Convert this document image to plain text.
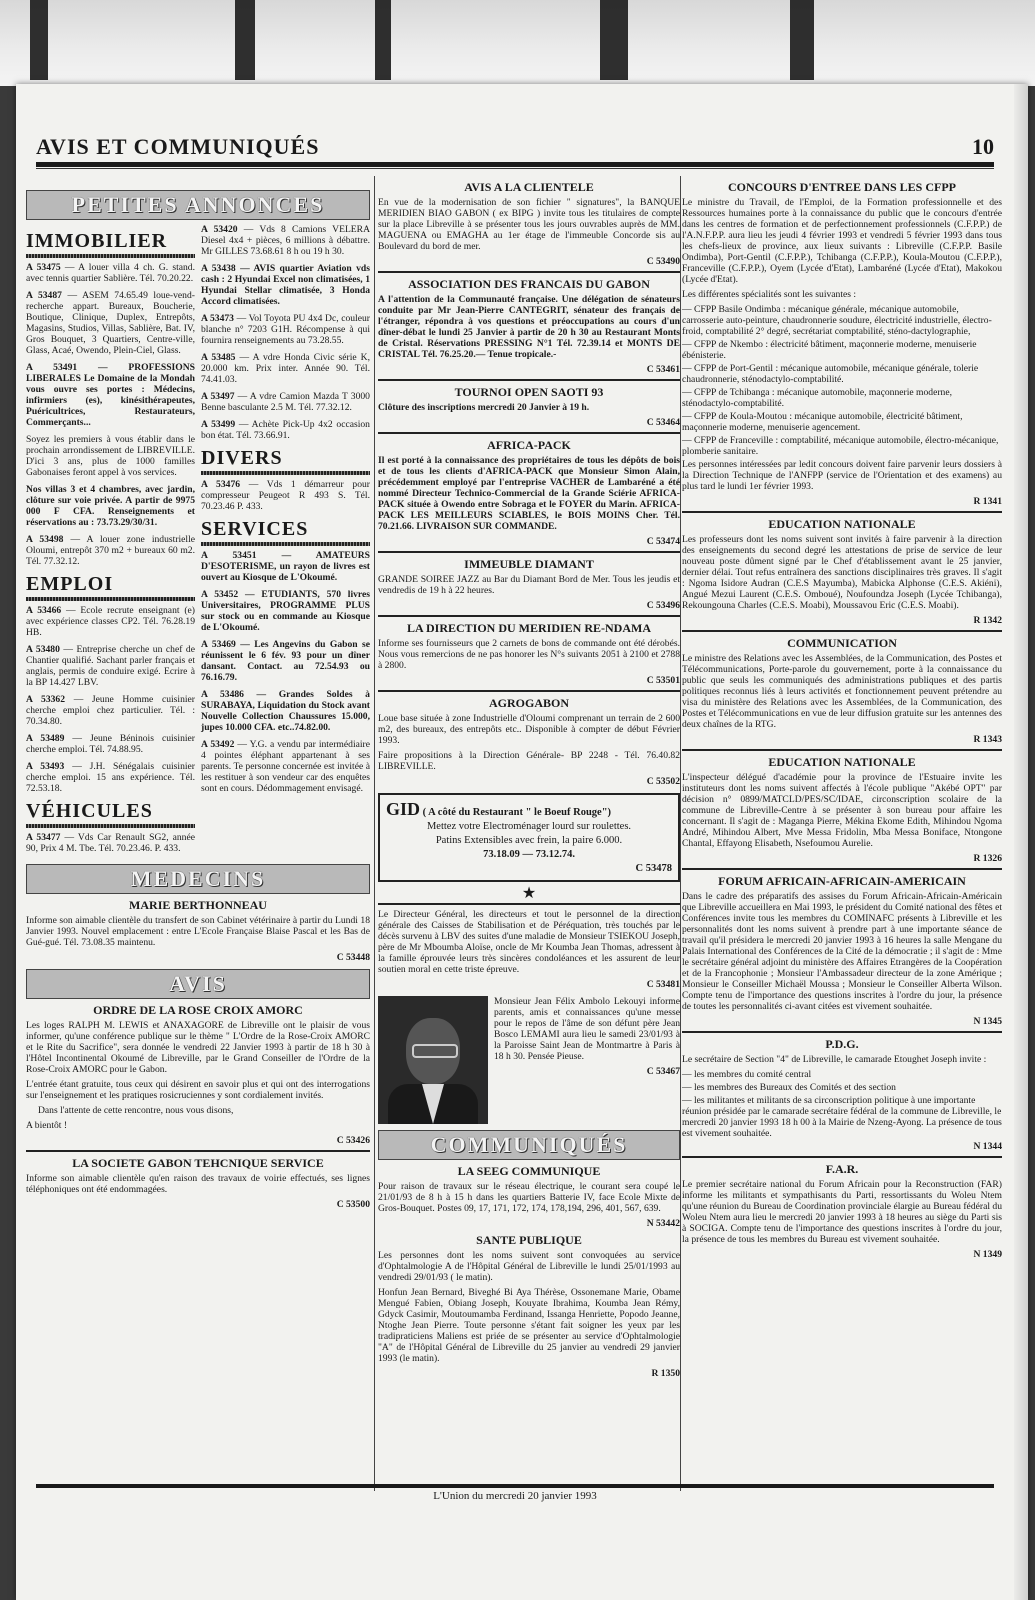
AVIS ET COMMUNIQUÉS	10
PETITES ANNONCES
IMMOBILIER
A 53475 — A louer villa 4 ch. G. stand. avec tennis quartier Sablière. Tél. 70.20.22.
A 53487 — ASEM 74.65.49 loue-vend-recherche appart. Bureaux, Boucherie, Boutique, Clinique, Duplex, Entrepôts, Magasins, Studios, Villas, Sablière, Bat. IV, Gros Bouquet, 3 Quartiers, Centre-ville, Glass, Acaé, Owendo, Plein-Ciel, Glass.
A 53491 — PROFESSIONS LIBERALES Le Domaine de la Mondah vous ouvre ses portes : Médecins, infirmiers (es), kinésithérapeutes, Puéricultrices, Restaurateurs, Commerçants...
Soyez les premiers à vous établir dans le prochain arrondissement de LIBREVILLE. D'ici 3 ans, plus de 1000 familles Gabonaises feront appel à vos services.
Nos villas 3 et 4 chambres, avec jardin, clôture sur voie privée. A partir de 9975 000 F CFA. Renseignements et réservations au : 73.73.29/30/31.
A 53498 — A louer zone industrielle Oloumi, entrepôt 370 m2 + bureaux 60 m2. Tél. 77.32.12.
EMPLOI
A 53466 — Ecole recrute enseignant (e) avec expérience classes CP2. Tél. 76.28.19 HB.
A 53480 — Entreprise cherche un chef de Chantier qualifié. Sachant parler français et anglais, permis de conduire exigé. Ecrire à la BP 14.427 LBV.
A 53362 — Jeune Homme cuisinier cherche emploi chez particulier. Tél. : 70.34.80.
A 53489 — Jeune Béninois cuisinier cherche emploi. Tél. 74.88.95.
A 53493 — J.H. Sénégalais cuisinier cherche emploi. 15 ans expérience. Tél. 72.53.18.
VÉHICULES
A 53477 — Vds Car Renault SG2, année 90, Prix 4 M. Tbe. Tél. 70.23.46. P. 433.
A 53420 — Vds 8 Camions VELERA Diesel 4x4 + pièces, 6 millions à débattre. Mr GILLES 73.68.61 8 h ou 19 h 30.
A 53438 — AVIS quartier Aviation vds cash : 2 Hyundai Excel non climatisées, 1 Hyundai Stellar climatisée, 3 Honda Accord climatisées.
A 53473 — Vol Toyota PU 4x4 Dc, couleur blanche n° 7203 G1H. Récompense à qui fournira renseignements au 73.28.55.
A 53485 — A vdre Honda Civic série K, 20.000 km. Prix inter. Année 90. Tél. 74.41.03.
A 53497 — A vdre Camion Mazda T 3000 Benne basculante 2.5 M. Tél. 77.32.12.
A 53499 — Achète Pick-Up 4x2 occasion bon état. Tél. 73.66.91.
DIVERS
A 53476 — Vds 1 démarreur pour compresseur Peugeot R 493 S. Tél. 70.23.46 P. 433.
SERVICES
A 53451	— AMATEURS D'ESOTERISME, un rayon de livres est ouvert au Kiosque de L'Okoumé.
A 53452 — ETUDIANTS, 570 livres Universitaires, PROGRAMME PLUS sur stock ou en commande au Kiosque de L'Okoumé.
A 53469 — Les Angevins du Gabon se réunissent le 6 fév. 93 pour un dîner dansant. Contact. au 72.54.93 ou 76.16.79.
A 53486 — Grandes Soldes à SURABAYA, Liquidation du Stock avant Nouvelle Collection Chaussures 15.000, jupes 10.000 CFA. etc..74.82.00.
A 53492 — Y.G. a vendu par intermédiaire 4 pointes éléphant appartenant à ses parents. Te personne concernée est invitée à les restituer à son vendeur car des enquêtes sont en cours. Dédommagement envisagé.
MEDECINS
MARIE BERTHONNEAU
Informe son aimable clientèle du transfert de son Cabinet vétérinaire à partir du Lundi 18 Janvier 1993. Nouvel emplacement : entre L'Ecole Française Blaise Pascal et les Bas de Gué-gué. Tél. 73.08.35 maintenu.
C 53448
AVIS
ORDRE DE LA ROSE CROIX AMORC
Les loges RALPH M. LEWIS et ANAXAGORE de Libreville ont le plaisir de vous informer, qu'une conférence publique sur le thème " L'Ordre de la Rose-Croix AMORC et le Rite du Sacrifice", sera donnée le vendredi 22 Janvier 1993 à partir de 18 h 30 à l'Hôtel Incontinental Okoumé de Libreville, par le Grand Conseiller de l'Ordre de la Rose-Croix AMORC pour le Gabon.
L'entrée étant gratuite, tous ceux qui désirent en savoir plus et qui ont des interrogations sur l'enseignement et les pratiques rosicruciennes y sont cordialement invités.
Dans l'attente de cette rencontre, nous vous disons,
A bientôt !
C 53426
LA SOCIETE GABON TEHCNIQUE SERVICE
Informe son aimable clientèle qu'en raison des travaux de voirie effectués, ses lignes téléphoniques ont été endommagées.
C 53500
AVIS A LA CLIENTELE
En vue de la modernisation de son fichier " signatures", la BANQUE MERIDIEN BIAO GABON ( ex BIPG ) invite tous les titulaires de compte sur la place Libreville à se présenter tous les jours ouvrables auprès de MM. MAGUENA ou EMAGHA au 1er étage de l'immeuble Concorde sis au Boulevard du bord de mer.
C 53490
ASSOCIATION DES FRANCAIS DU GABON
A l'attention de la Communauté française. Une délégation de sénateurs conduite par Mr Jean-Pierre CANTEGRIT, sénateur des français de l'étranger, répondra à vos questions et préoccupations au cours d'un dîner-débat le lundi 25 Janvier à partir de 20 h 30 au Restaurant Monts de Cristal. Réservations PRESSING N°1 Tél. 72.39.14 et MONTS DE CRISTAL Tél. 76.25.20.— Tenue tropicale.-
C 53461
TOURNOI OPEN SAOTI 93
Clôture des inscriptions mercredi 20 Janvier à 19 h.
C 53464
AFRICA-PACK
Il est porté à la connaissance des propriétaires de tous les dépôts de bois et de tous les clients d'AFRICA-PACK que Monsieur Simon Alain, précédemment employé par l'entreprise VACHER de Lambaréné a été nommé Directeur Technico-Commercial de la Grande Sciérie AFRICA-PACK située à Owendo entre Sobraga et le FOYER du Marin. AFRICA-PACK LES MEILLEURS SCIABLES, le BOIS MOINS Cher. Tél. 70.21.66. LIVRAISON SUR COMMANDE.
C 53474
IMMEUBLE DIAMANT
GRANDE SOIREE JAZZ au Bar du Diamant Bord de Mer. Tous les jeudis et vendredis de 19 h à 22 heures.
C 53496
LA DIRECTION DU MERIDIEN RE-NDAMA
Informe ses fournisseurs que 2 carnets de bons de commande ont été dérobés. Nous vous remercions de ne pas honorer les N°s suivants 2051 à 2100 et 2788 à 2800.
C 53501
AGROGABON
Loue base située à zone Industrielle d'Oloumi comprenant un terrain de 2 600 m2, des bureaux, des entrepôts etc.. Disponible à compter de début Février 1993.
Faire propositions à la Direction Générale- BP 2248 - Tél. 76.40.82 LIBREVILLE.
C 53502
GID ( A côté du Restaurant " le Boeuf Rouge")
Mettez votre Electroménager lourd sur roulettes.
Patins Extensibles avec frein, la paire 6.000.
73.18.09 — 73.12.74.
C 53478
★
Le Directeur Général, les directeurs et tout le personnel de la direction générale des Caisses de Stabilisation et de Péréquation, très touchés par le décès survenu à LBV des suites d'une maladie de Monsieur TSIEKOU Joseph, père de Mr Mboumba Aloïse, oncle de Mr Koumba Jean Thomas, adressent à la famille éprouvée leurs très sincères condoléances et les assurent de leur soutien moral en cette triste épreuve.
C 53481
Monsieur Jean Félix Ambolo Lekouyi informe parents, amis et connaissances qu'une messe pour le repos de l'âme de son défunt père Jean Bosco LEMAMI aura lieu le samedi 23/01/93 à la Paroisse Saint Jean de Montmartre à Paris à 18 h 30. Pensée Pieuse.
C 53467
COMMUNIQUÉS
LA SEEG COMMUNIQUE
Pour raison de travaux sur le réseau électrique, le courant sera coupé le 21/01/93 de 8 h à 15 h dans les quartiers Batterie IV, face Ecole Mixte de Gros-Bouquet. Postes 09, 17, 171, 172, 174, 178,194, 296, 401, 567, 639.
N 53442
SANTE PUBLIQUE
Les personnes dont les noms suivent sont convoquées au service d'Ophtalmologie A de l'Hôpital Général de Libreville le lundi 25/01/1993 au vendredi 29/01/93 ( le matin).
Honfun Jean Bernard, Biveghé Bi Aya Thérèse, Ossonemane Marie, Obame Mengué Fabien, Obiang Joseph, Kouyate Ibrahima, Koumba Jean Rémy, Gdyck Casimir, Moutoumamba Ferdinand, Issanga Henriette, Popodo Jeanne, Ntoghe Jean Pierre. Toute personne s'étant fait soigner les yeux par les tradipraticiens Maliens est priée de se présenter au service d'Ophtalmologie "A" de l'Hôpital Général de Libreville du 25 janvier au vendredi 29 janvier 1993 (le matin).
R 1350
CONCOURS D'ENTREE DANS LES CFPP
Le ministre du Travail, de l'Emploi, de la Formation professionnelle et des Ressources humaines porte à la connaissance du public que le concours d'entrée dans les centres de formation et de perfectionnement professionnels (C.F.P.P.) de l'A.N.F.P.P. aura lieu les jeudi 4 février 1993 et vendredi 5 février 1993 dans tous les chefs-lieux de province, aux lieux suivants : Libreville (C.F.P.P. Basile Ondimba), Port-Gentil (C.F.P.P.), Tchibanga (C.F.P.P.), Koula-Moutou (C.F.P.P.), Franceville (C.F.P.P.), Oyem (Lycée d'Etat), Lambaréné (Lycée d'Etat), Makokou (Lycée d'Etat).
Les différentes spécialités sont les suivantes :
— CFPP Basile Ondimba : mécanique générale, mécanique automobile, carrosserie auto-peinture, chaudronnerie soudure, électricité industrielle, électro-froid, comptabilité 2° degré, secrétariat comptabilité, sténo-dactylographie,
— CFPP de Nkembo : électricité bâtiment, maçonnerie moderne, menuiserie ébénisterie.
— CFPP de Port-Gentil : mécanique automobile, mécanique générale, tolerie chaudronnerie, sténodactylo-comptabilité.
— CFPP de Tchibanga : mécanique automobile, maçonnerie moderne, sténodactylo-comptabilité.
— CFPP de Koula-Moutou : mécanique automobile, électricité bâtiment, maçonnerie moderne, menuiserie agencement.
— CFPP de Franceville : comptabilité, mécanique automobile, électro-mécanique, plomberie sanitaire.
Les personnes intéressées par ledit concours doivent faire parvenir leurs dossiers à la Direction Technique de l'ANFPP (service de l'Orientation et des examens) au plus tard le lundi 1er février 1993.
R 1341
EDUCATION NATIONALE
Les professeurs dont les noms suivent sont invités à faire parvenir à la direction des enseignements du second degré les attestations de prise de service de leur nouveau poste dûment signé par le Chef d'établissement avant le 25 janvier, dernier délai. Tout refus entraînera des sanctions disciplinaires très graves. Il s'agit : Ngoma Isidore Audran (C.E.S Mayumba), Mabicka Alphonse (C.E.S. Akiéni), Angué Mezui Laurent (C.E.S. Omboué), Noufoundza Joseph (Lycée Tchibanga), Rekoungouna Charles (C.E.S. Moabi), Moussavou Eric (C.E.S. Moabi).
R 1342
COMMUNICATION
Le ministre des Relations avec les Assemblées, de la Communication, des Postes et Télécommunications, Porte-parole du gouvernement, porte à la connaissance du public que seuls les communiqués des administrations publiques et des partis politiques reconnus liés à leurs activités et fonctionnement peuvent prétendre au visa du ministère des Relations avec les Assemblées, de la Communication, des Postes et Télécommunications en vue de leur diffusion gratuite sur les antennes des deux chaînes de la RTG.
R 1343
EDUCATION NATIONALE
L'inspecteur délégué d'académie pour la province de l'Estuaire invite les instituteurs dont les noms suivent affectés à l'école publique "Akébé OPT" par décision n° 0899/MATCLD/PES/SC/IDAE, circonscription scolaire de la commune de Libreville-Centre à se présenter à son bureau pour affaire les concernant. Il s'agit de : Maganga Pierre, Mékina Ekome Edith, Mihindou Ngoma André, Mihindou Albert, Mve Messa Fridolin, Mba Messa Boniface, Ntongone Chantal, Effayong Elisabeth, Nsefoumou Aurelie.
R 1326
FORUM AFRICAIN-AFRICAIN-AMERICAIN
Dans le cadre des préparatifs des assises du Forum Africain-Africain-Américain que Libreville accueillera en Mai 1993, le président du Comité national des fêtes et Conférences invite tous les membres du COMINAFC présents à Libreville et les personnalités dont les noms suivent à prendre part à une importante séance de travail qu'il présidera le mercredi 20 janvier 1993 à 16 heures la salle Mengane du Palais International des Conférences de la Cité de la démocratie ; il s'agit de : Mme le secrétaire général adjoint du ministère des Affaires Etrangères de la Coopération et de la Francophonie ; Monsieur l'Ambassadeur directeur de la zone Amérique ; Monsieur le Conseiller Michaël Moussa ; Monsieur le Conseiller Alberta Wilson. Compte tenu de l'importance des questions inscrites à l'ordre du jour, la présence de toutes les personnalités ci-avant citées est vivement souhaitée.
N 1345
P.D.G.
Le secrétaire de Section "4" de Libreville, le camarade Etoughet Joseph invite :
— les membres du comité central
— les membres des Bureaux des Comités et des section
— les militantes et militants de sa circonscription politique à une importante réunion présidée par le camarade secrétaire fédéral de la commune de Libreville, le mercredi 20 janvier 1993 18 h 00 à la Mairie de Nzeng-Ayong. La présence de tous est vivement souhaitée.
N 1344
F.A.R.
Le premier secrétaire national du Forum Africain pour la Reconstruction (FAR) informe les militants et sympathisants du Parti, ressortissants du Woleu Ntem qu'une réunion du Bureau de Coordination provinciale élargie au Bureau fédéral du Woleu Ntem aura lieu le mercredi 20 janvier 1993 à 18 heures au siège du Parti sis à SOCIGA. Compte tenu de l'importance des questions inscrites à l'ordre du jour, la présence de tous les membres du Bureau est vivement souhaitée.
N 1349
L'Union du mercredi 20 janvier 1993
